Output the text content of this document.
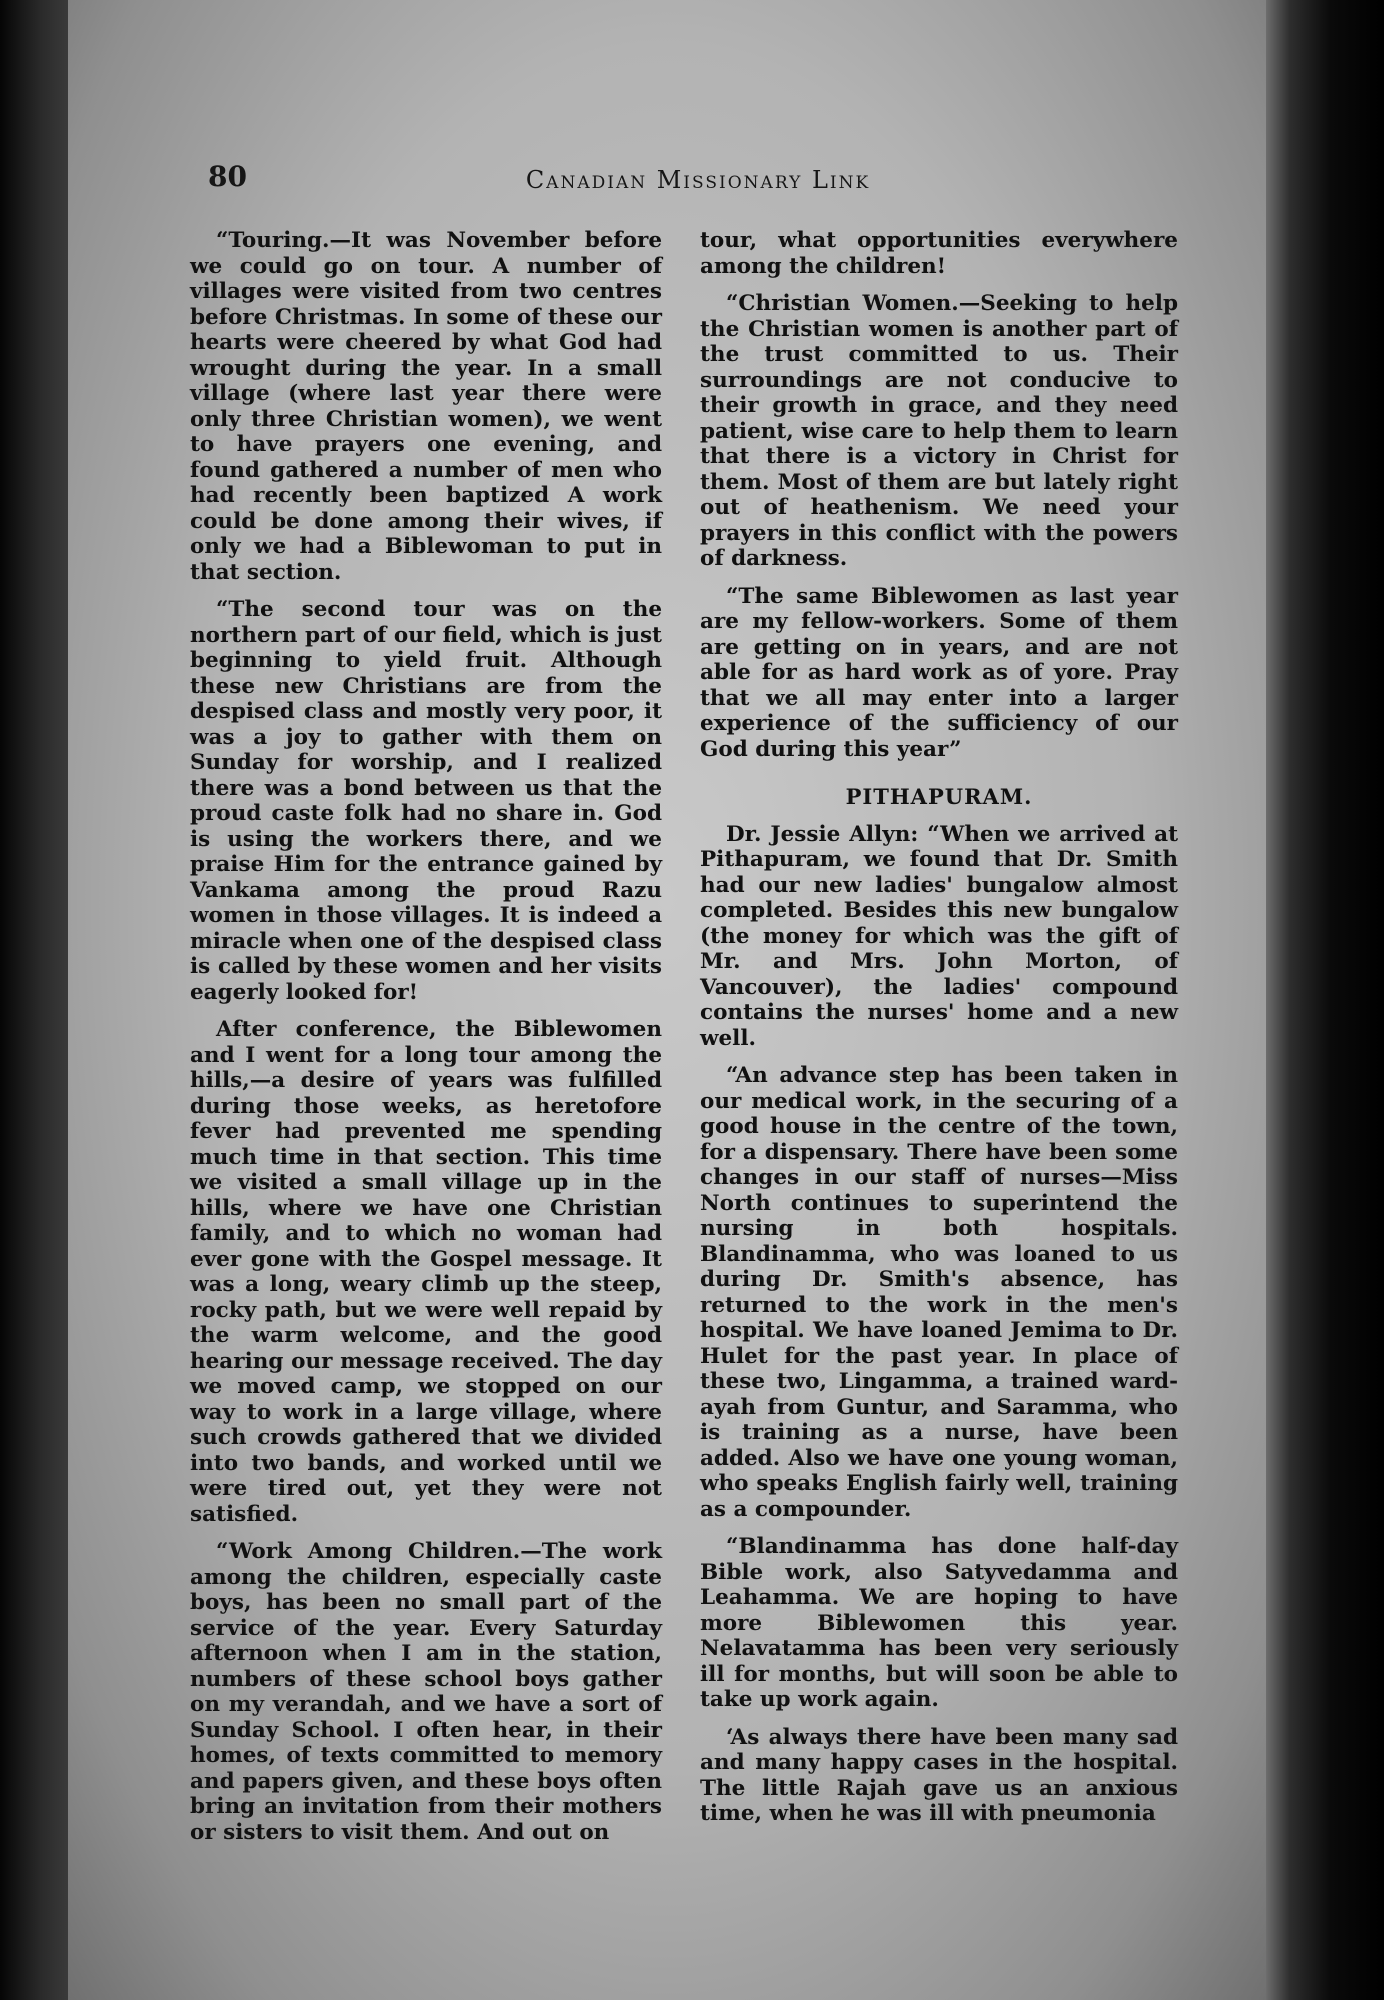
80	Canadian Missionary Link

“Touring.—It was November before we could go on tour. A number of villages were visited from two centres before Christmas. In some of these our hearts were cheered by what God had wrought during the year. In a small village (where last year there were only three Christian women), we went to have prayers one evening, and found gathered a number of men who had recently been baptized A work could be done among their wives, if only we had a Biblewoman to put in that section.

“The second tour was on the northern part of our field, which is just beginning to yield fruit. Although these new Christians are from the despised class and mostly very poor, it was a joy to gather with them on Sunday for worship, and I realized there was a bond between us that the proud caste folk had no share in. God is using the workers there, and we praise Him for the entrance gained by Vankama among the proud Razu women in those villages. It is indeed a miracle when one of the despised class is called by these women and her visits eagerly looked for!

After conference, the Biblewomen and I went for a long tour among the hills,—a desire of years was fulfilled during those weeks, as heretofore fever had prevented me spending much time in that section. This time we visited a small village up in the hills, where we have one Christian family, and to which no woman had ever gone with the Gospel message. It was a long, weary climb up the steep, rocky path, but we were well repaid by the warm welcome, and the good hearing our message received. The day we moved camp, we stopped on our way to work in a large village, where such crowds gathered that we divided into two bands, and worked until we were tired out, yet they were not satisfied.

“Work Among Children.—The work among the children, especially caste boys, has been no small part of the service of the year. Every Saturday afternoon when I am in the station, numbers of these school boys gather on my verandah, and we have a sort of Sunday School. I often hear, in their homes, of texts committed to memory and papers given, and these boys often bring an invitation from their mothers or sisters to visit them. And out on

tour, what opportunities everywhere among the children!

“Christian Women.—Seeking to help the Christian women is another part of the trust committed to us. Their surroundings are not conducive to their growth in grace, and they need patient, wise care to help them to learn that there is a victory in Christ for them. Most of them are but lately right out of heathenism. We need your prayers in this conflict with the powers of darkness.

“The same Biblewomen as last year are my fellow-workers. Some of them are getting on in years, and are not able for as hard work as of yore. Pray that we all may enter into a larger experience of the sufficiency of our God during this year”

PITHAPURAM.

Dr. Jessie Allyn: “When we arrived at Pithapuram, we found that Dr. Smith had our new ladies' bungalow almost completed. Besides this new bungalow (the money for which was the gift of Mr. and Mrs. John Morton, of Vancouver), the ladies' compound contains the nurses' home and a new well.

“An advance step has been taken in our medical work, in the securing of a good house in the centre of the town, for a dispensary. There have been some changes in our staff of nurses—Miss North continues to superintend the nursing in both hospitals. Blandinamma, who was loaned to us during Dr. Smith's absence, has returned to the work in the men's hospital. We have loaned Jemima to Dr. Hulet for the past year. In place of these two, Lingamma, a trained ward-ayah from Guntur, and Saramma, who is training as a nurse, have been added. Also we have one young woman, who speaks English fairly well, training as a compounder.

“Blandinamma has done half-day Bible work, also Satyvedamma and Leahamma. We are hoping to have more Biblewomen this year. Nelavatamma has been very seriously ill for months, but will soon be able to take up work again.

‘As always there have been many sad and many happy cases in the hospital. The little Rajah gave us an anxious time, when he was ill with pneumonia
